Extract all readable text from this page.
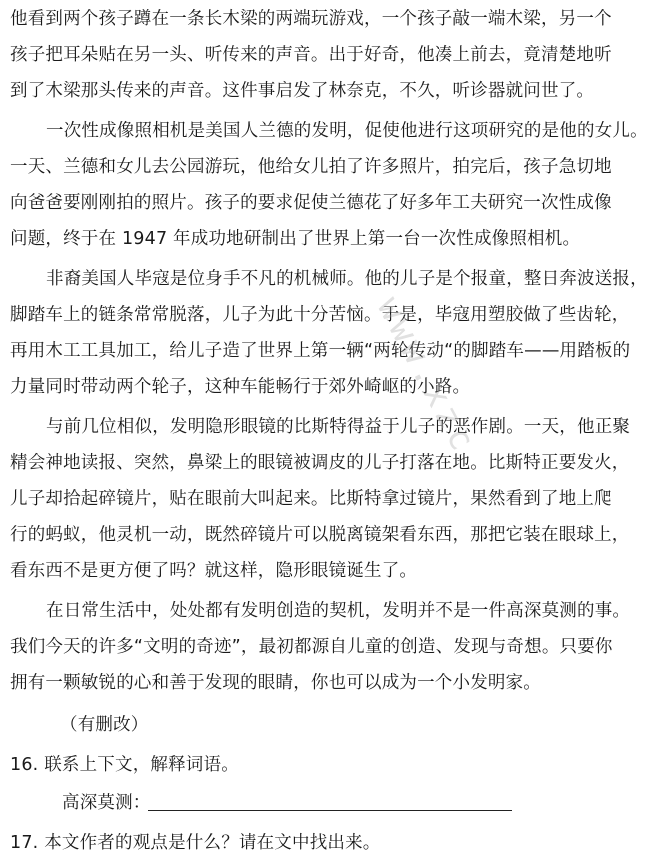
他看到两个孩子蹲在一条长木梁的两端玩游戏，一个孩子敲一端木梁，另一个
孩子把耳朵贴在另一头、听传来的声音。出于好奇，他凑上前去，竟清楚地听
到了木梁那头传来的声音。这件事启发了林奈克，不久，听诊器就问世了。
一次性成像照相机是美国人兰德的发明，促使他进行这项研究的是他的女儿。
一天、兰德和女儿去公园游玩，他给女儿拍了许多照片，拍完后，孩子急切地
向爸爸要刚刚拍的照片。孩子的要求促使兰德花了好多年工夫研究一次性成像
问题，终于在 1947 年成功地研制出了世界上第一台一次性成像照相机。
非裔美国人毕寇是位身手不凡的机械师。他的儿子是个报童，整日奔波送报，
脚踏车上的链条常常脱落，儿子为此十分苦恼。于是，毕寇用塑胶做了些齿轮，
再用木工工具加工，给儿子造了世界上第一辆“两轮传动“的脚踏车——用踏板的
力量同时带动两个轮子，这种车能畅行于郊外崎岖的小路。
与前几位相似，发明隐形眼镜的比斯特得益于儿子的恶作剧。一天，他正聚
精会神地读报、突然，鼻梁上的眼镜被调皮的儿子打落在地。比斯特正要发火，
儿子却拾起碎镜片，贴在眼前大叫起来。比斯特拿过镜片，果然看到了地上爬
行的蚂蚁，他灵机一动，既然碎镜片可以脱离镜架看东西，那把它装在眼球上，
看东西不是更方便了吗？就这样，隐形眼镜诞生了。
在日常生活中，处处都有发明创造的契机，发明并不是一件高深莫测的事。
我们今天的许多“文明的奇迹”，最初都源自儿童的创造、发现与奇想。只要你
拥有一颗敏锐的心和善于发现的眼睛，你也可以成为一个小发明家。
（有删改）
16. 联系上下文，解释词语。
高深莫测：
17. 本文作者的观点是什么？请在文中找出来。
www.xzc
